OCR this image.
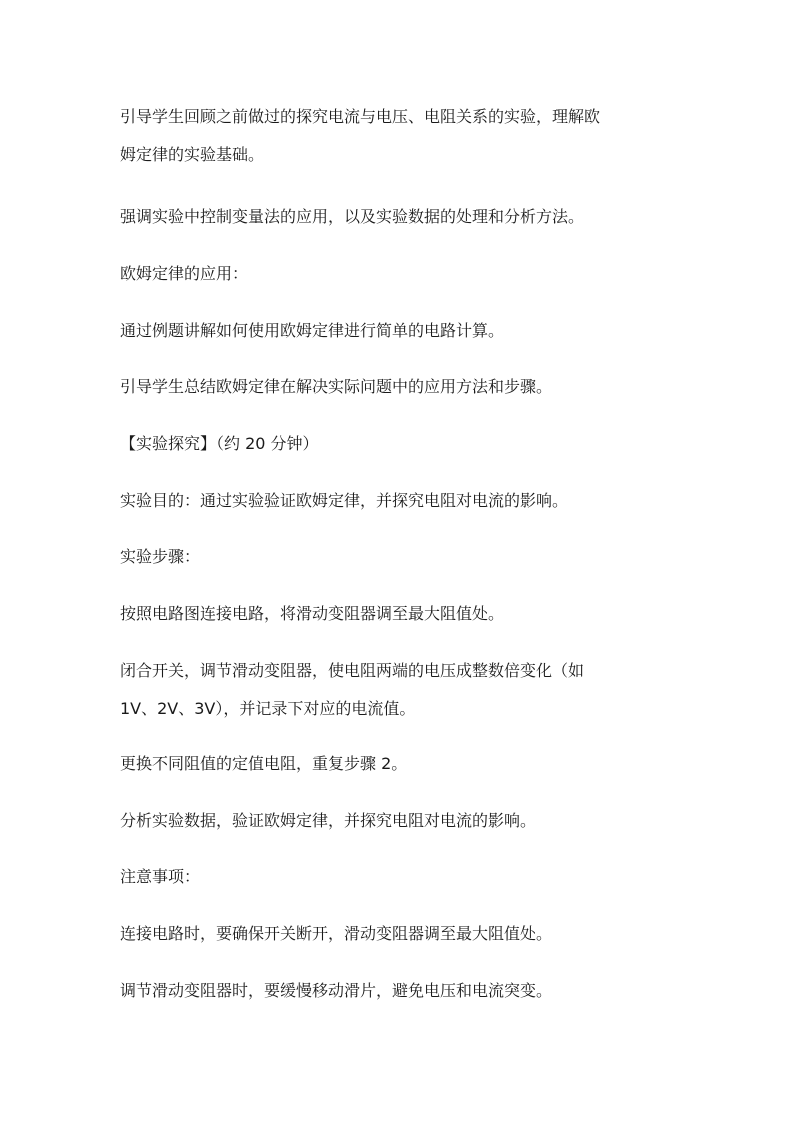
引导学生回顾之前做过的探究电流与电压、电阻关系的实验，理解欧
姆定律的实验基础。

强调实验中控制变量法的应用，以及实验数据的处理和分析方法。

欧姆定律的应用：

通过例题讲解如何使用欧姆定律进行简单的电路计算。

引导学生总结欧姆定律在解决实际问题中的应用方法和步骤。

【实验探究】（约 20 分钟）

实验目的：通过实验验证欧姆定律，并探究电阻对电流的影响。

实验步骤：

按照电路图连接电路，将滑动变阻器调至最大阻值处。

闭合开关，调节滑动变阻器，使电阻两端的电压成整数倍变化（如
1V、2V、3V），并记录下对应的电流值。

更换不同阻值的定值电阻，重复步骤 2。

分析实验数据，验证欧姆定律，并探究电阻对电流的影响。

注意事项：

连接电路时，要确保开关断开，滑动变阻器调至最大阻值处。

调节滑动变阻器时，要缓慢移动滑片，避免电压和电流突变。
